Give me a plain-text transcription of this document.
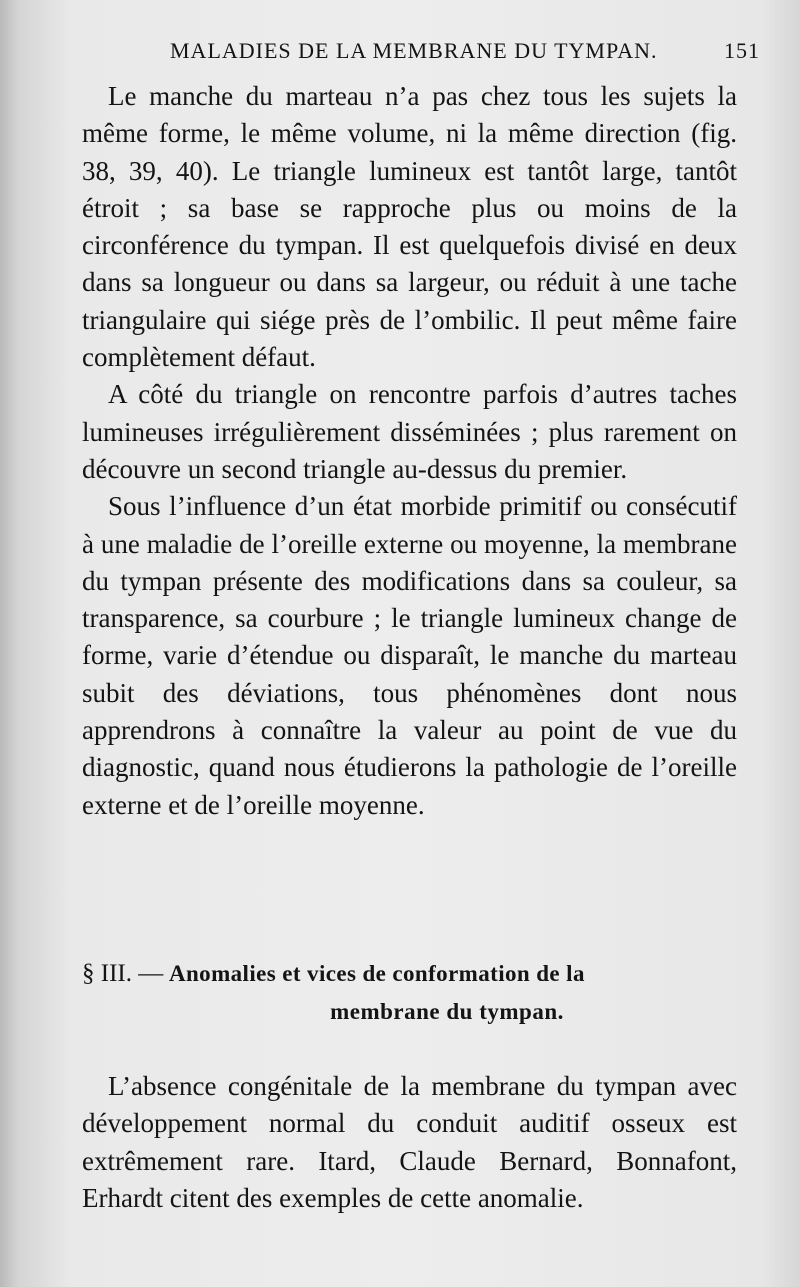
MALADIES DE LA MEMBRANE DU TYMPAN.	151

Le manche du marteau n’a pas chez tous les sujets la même forme, le même volume, ni la même direction (fig. 38, 39, 40). Le triangle lumineux est tantôt large, tantôt étroit ; sa base se rapproche plus ou moins de la circonférence du tympan. Il est quelquefois divisé en deux dans sa longueur ou dans sa largeur, ou réduit à une tache triangulaire qui siége près de l’ombilic. Il peut même faire complètement défaut.

A côté du triangle on rencontre parfois d’autres taches lumineuses irrégulièrement disséminées ; plus rarement on découvre un second triangle au-dessus du premier.

Sous l’influence d’un état morbide primitif ou consécutif à une maladie de l’oreille externe ou moyenne, la membrane du tympan présente des modifications dans sa couleur, sa transparence, sa courbure ; le triangle lumineux change de forme, varie d’étendue ou disparaît, le manche du marteau subit des déviations, tous phénomènes dont nous apprendrons à connaître la valeur au point de vue du diagnostic, quand nous étudierons la pathologie de l’oreille externe et de l’oreille moyenne.

§ III. — Anomalies et vices de conformation de la
membrane du tympan.

L’absence congénitale de la membrane du tympan avec développement normal du conduit auditif osseux est extrêmement rare. Itard, Claude Bernard, Bonnafont, Erhardt citent des exemples de cette anomalie.
